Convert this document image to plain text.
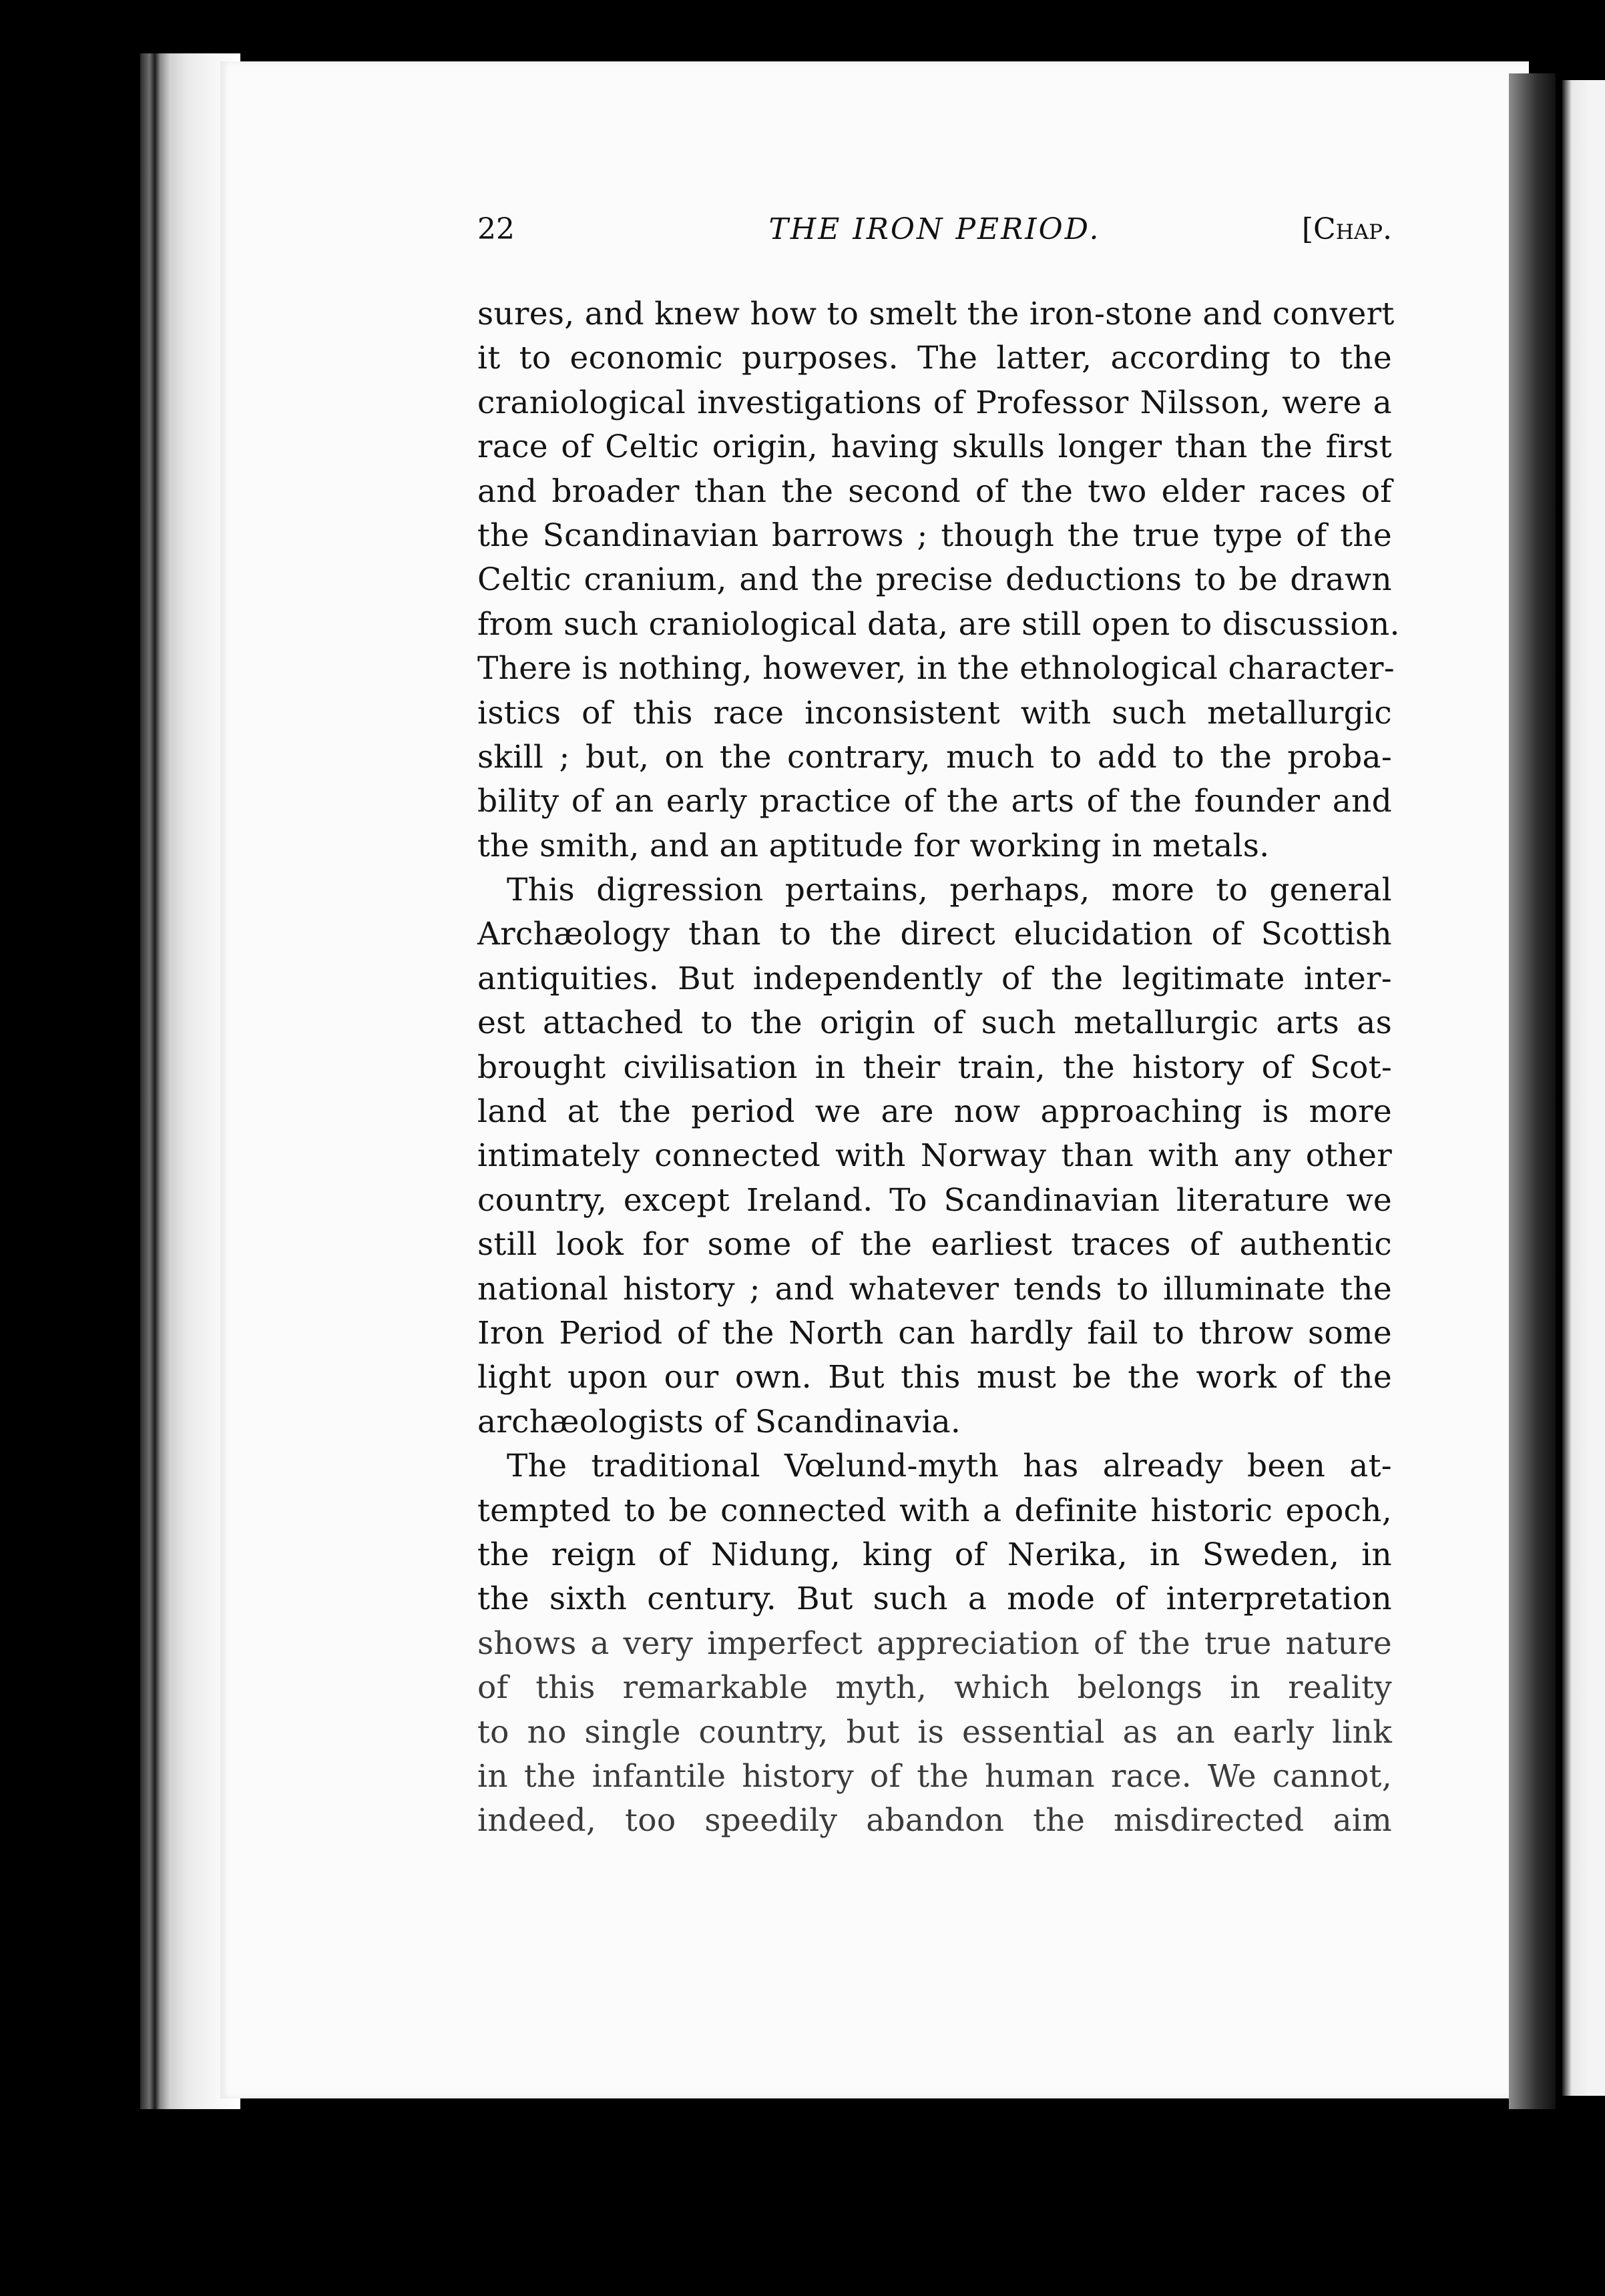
22	THE IRON PERIOD.	[Chap.
sures, and knew how to smelt the iron-stone and convert
it to economic purposes. The latter, according to the
craniological investigations of Professor Nilsson, were a
race of Celtic origin, having skulls longer than the first
and broader than the second of the two elder races of
the Scandinavian barrows ; though the true type of the
Celtic cranium, and the precise deductions to be drawn
from such craniological data, are still open to discussion.
There is nothing, however, in the ethnological character-
istics of this race inconsistent with such metallurgic
skill ; but, on the contrary, much to add to the proba-
bility of an early practice of the arts of the founder and
the smith, and an aptitude for working in metals.
This digression pertains, perhaps, more to general
Archæology than to the direct elucidation of Scottish
antiquities. But independently of the legitimate inter-
est attached to the origin of such metallurgic arts as
brought civilisation in their train, the history of Scot-
land at the period we are now approaching is more
intimately connected with Norway than with any other
country, except Ireland. To Scandinavian literature we
still look for some of the earliest traces of authentic
national history ; and whatever tends to illuminate the
Iron Period of the North can hardly fail to throw some
light upon our own. But this must be the work of the
archæologists of Scandinavia.
The traditional Vœlund-myth has already been at-
tempted to be connected with a definite historic epoch,
the reign of Nidung, king of Nerika, in Sweden, in
the sixth century. But such a mode of interpretation
shows a very imperfect appreciation of the true nature
of this remarkable myth, which belongs in reality
to no single country, but is essential as an early link
in the infantile history of the human race. We cannot,
indeed, too speedily abandon the misdirected aim
